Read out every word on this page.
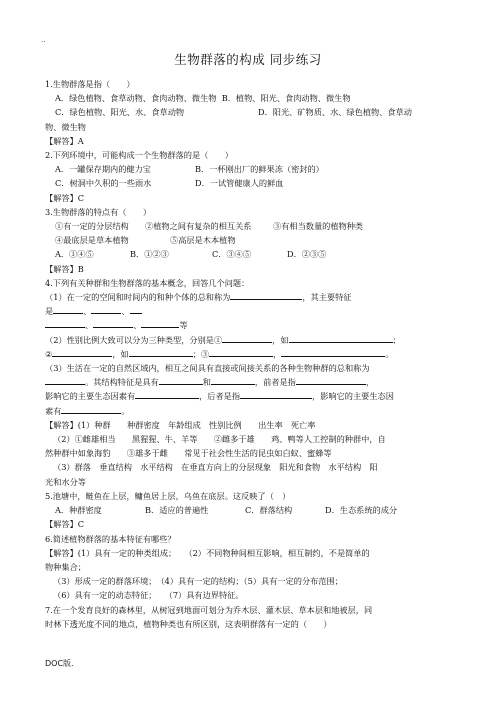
..
生物群落的构成 同步练习
1.生物群落是指（　　）
A．绿色植物、食草动物、食肉动物、微生物 B．植物、阳光、食肉动物、微生物
C．绿色植物、阳光、水、食草动物	D．阳光、矿物质、水、绿色植物、食草动
物、微生物
【解答】A
2.下列环境中，可能构成一个生物群落的是（　　）
A．一罐保存期内的健力宝	B．一杯刚出厂的鲜果冻（密封的）
C．树洞中久积的一些雨水	D．一试管健康人的鲜血
【解答】C
3.生物群落的特点有（　　）
①有一定的分层结构 ②植物之间有复杂的相互关系	③有相当数量的植物种类
④最底层是草本植物	⑤高层是木本植物
A．①④⑤	B．①②③	C．③④⑤	D．②③⑤
【解答】B
4.下列有关种群和生物群落的基本概念，回答几个问题：
（1）在一定的空间和时间内的和种个体的总和称为	，其主要特征
是	、	、
、	、	等
（2）性别比例大致可以分为三种类型，分别是①	，如	；
②	，如	；③	，	。
（3）生活在一定的自然区域内，相互之间具有直接或间接关系的各种生物种群的总和称为
。其结构特征是具有	和	，前者是指	，
影响它的主要生态因素有	，后者是指	，影响它的主要生态因
素有	。
【解答】(1）种群　　种群密度　年龄组成　性别比例　　出生率　死亡率
（2）①雌雄相当　　黑猩猩、牛、羊等　　②雌多于雄　　鸡、鸭等人工控制的种群中，自
然种群中如象海豹　　③雄多于雌　　常见于社会性生活的昆虫如白蚁、蜜蜂等
（3）群落　垂直结构　水平结构　在垂直方向上的分层现象　阳光和食物　水平结构　阳
光和水分等
5.池塘中，鲢鱼在上层，鳙鱼居上层，乌鱼在底层。这反映了（　）
A．种群密度	B．适应的普遍性	C．群落结构	D．生态系统的成分
【解答】C
6.简述植物群落的基本特征有哪些？
【解答】(1）具有一定的种类组成；　　（2）不同物种间相互影响，相互制约，不是简单的
物种集合；
（3）形成一定的群落环境；　（4）具有一定的结构；（5）具有一定的分布范围；
（6）具有一定的动态特征；　　（7）具有边界特征。
7.在一个发育良好的森林里，从树冠到地面可划分为乔木层、灌木层、草本层和地被层，同
时林下透光度不同的地点，植物种类也有所区别，这表明群落有一定的（　　）
DOC版.
